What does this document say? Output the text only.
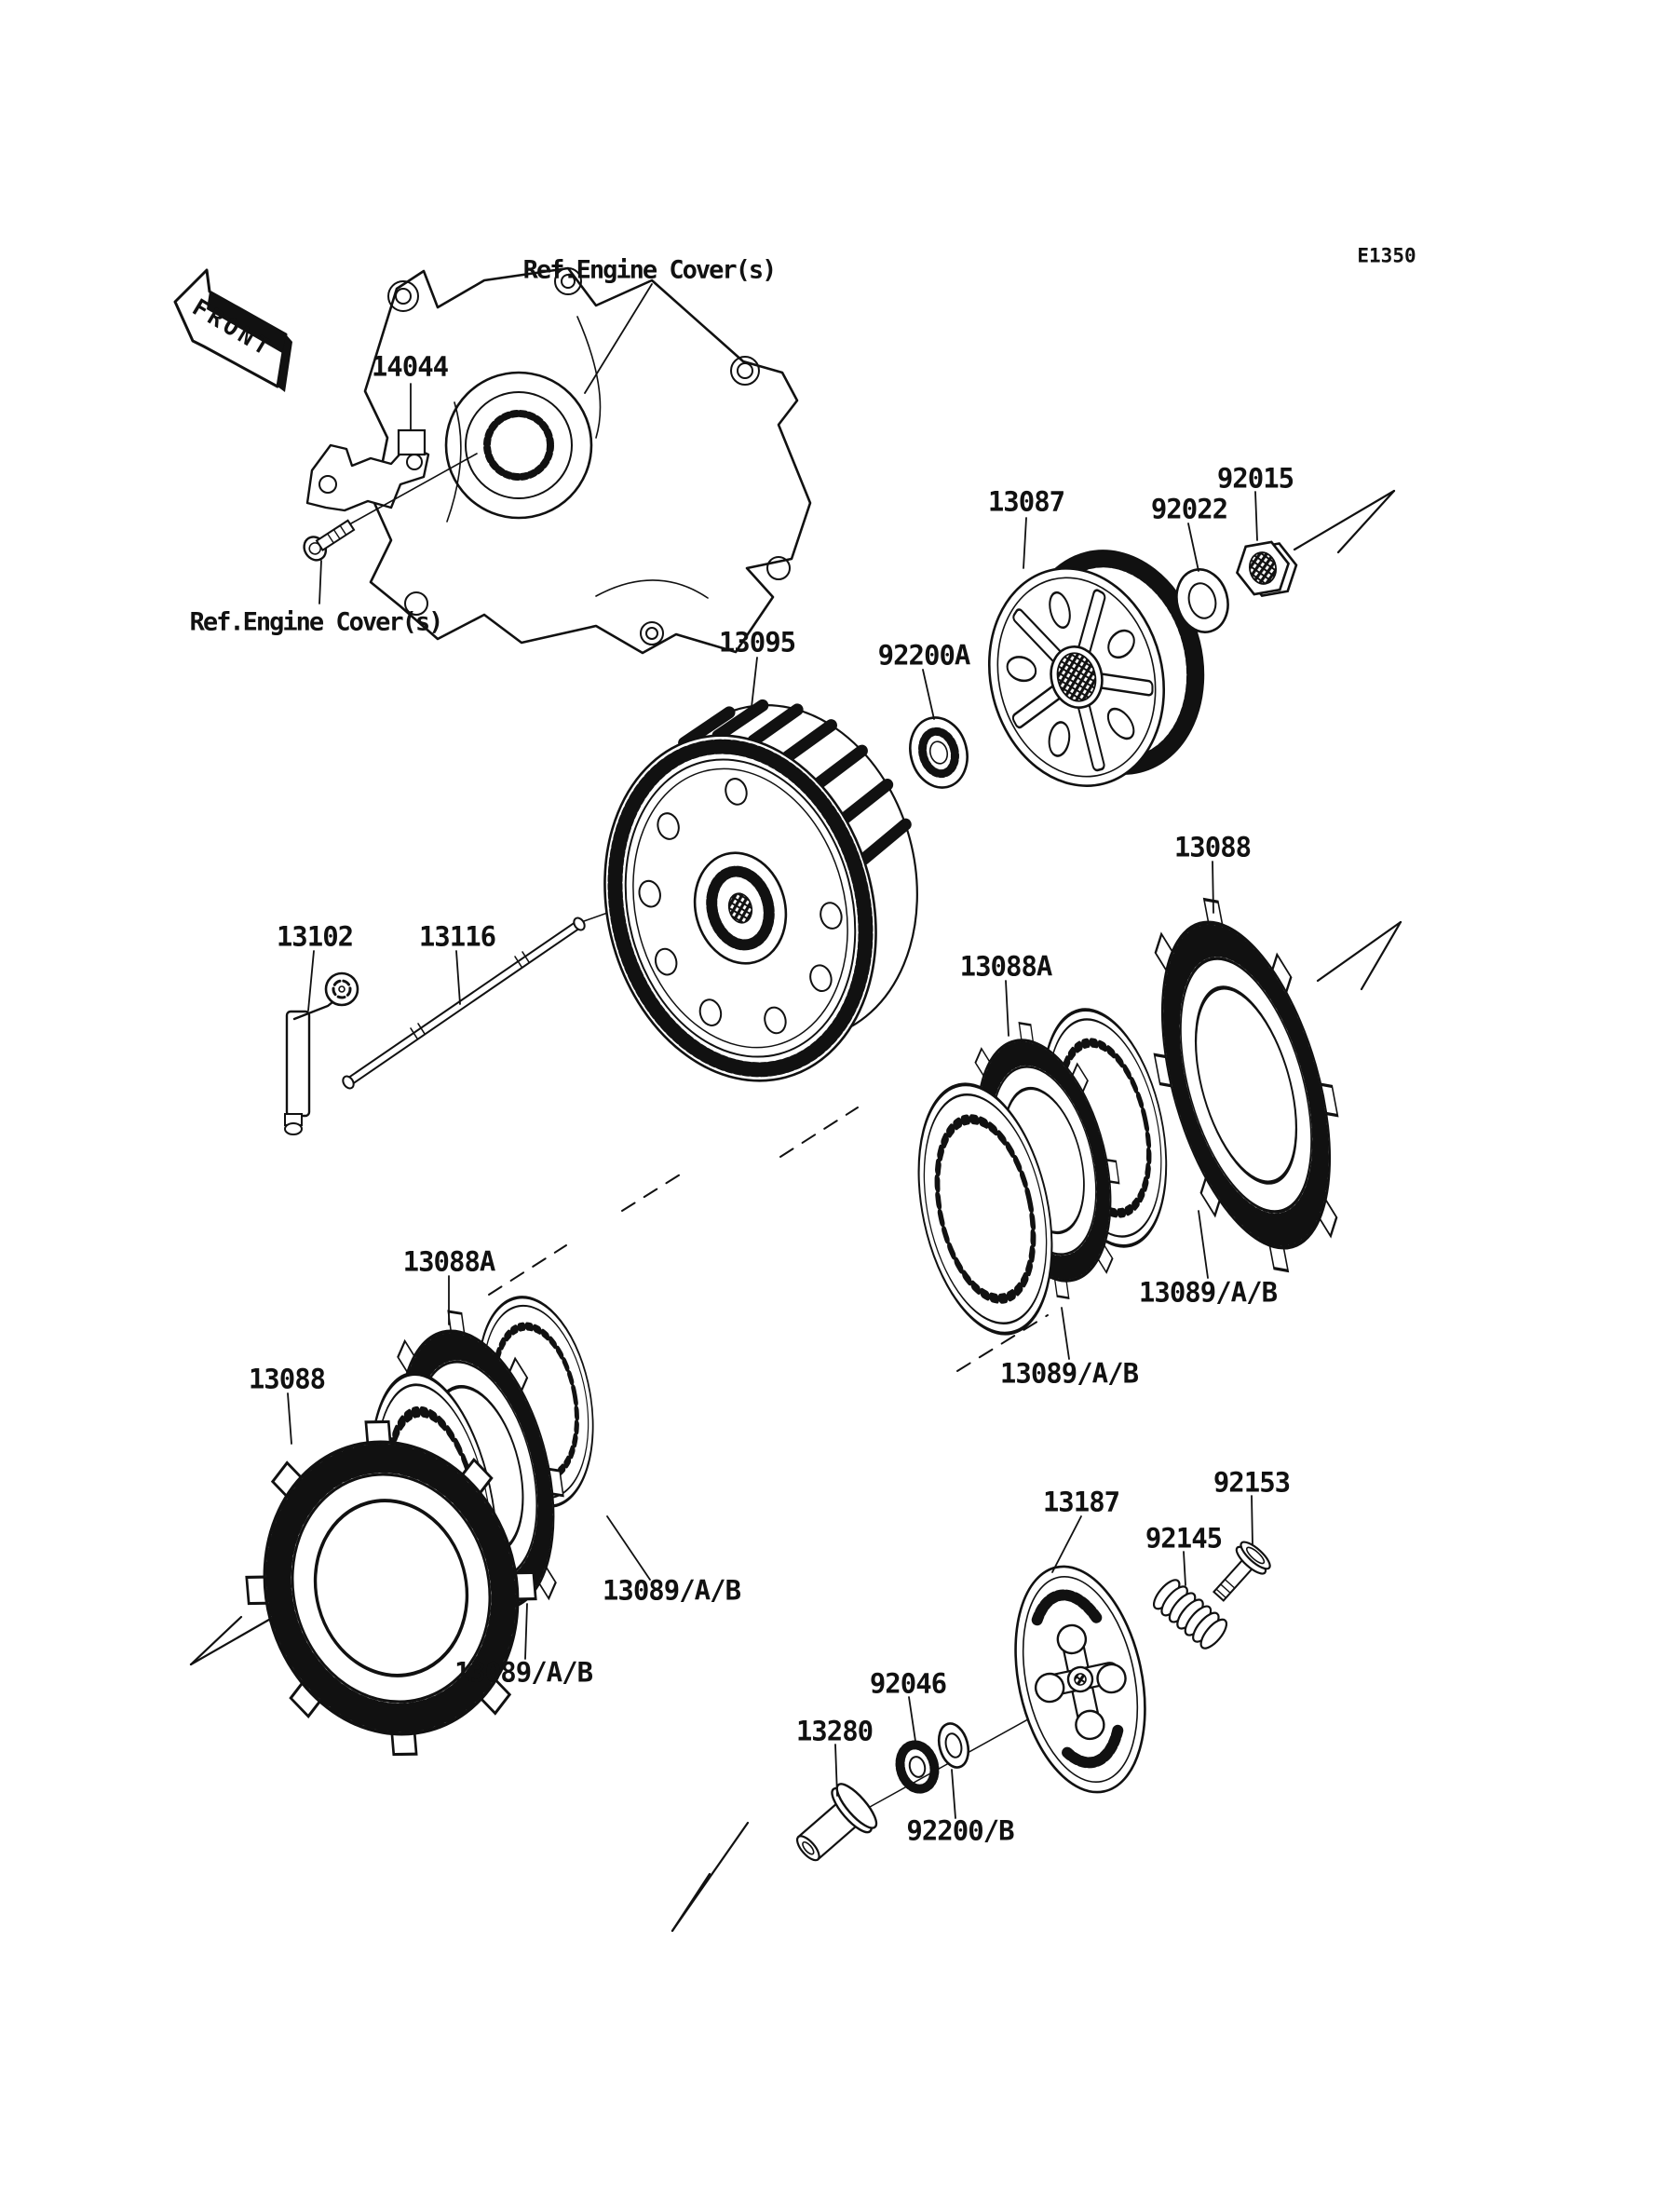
E1350
FRONT
Ref.Engine Cover(s)
Ref.Engine Cover(s)
14044
13087	92022
92015
13095	92200A
13088
13102 13116
13088A
13089/A/B
13089/A/B
13088A
13088
13089/A/B
13089/A/B
13187
92153
92145
92046
13280
92200/B
